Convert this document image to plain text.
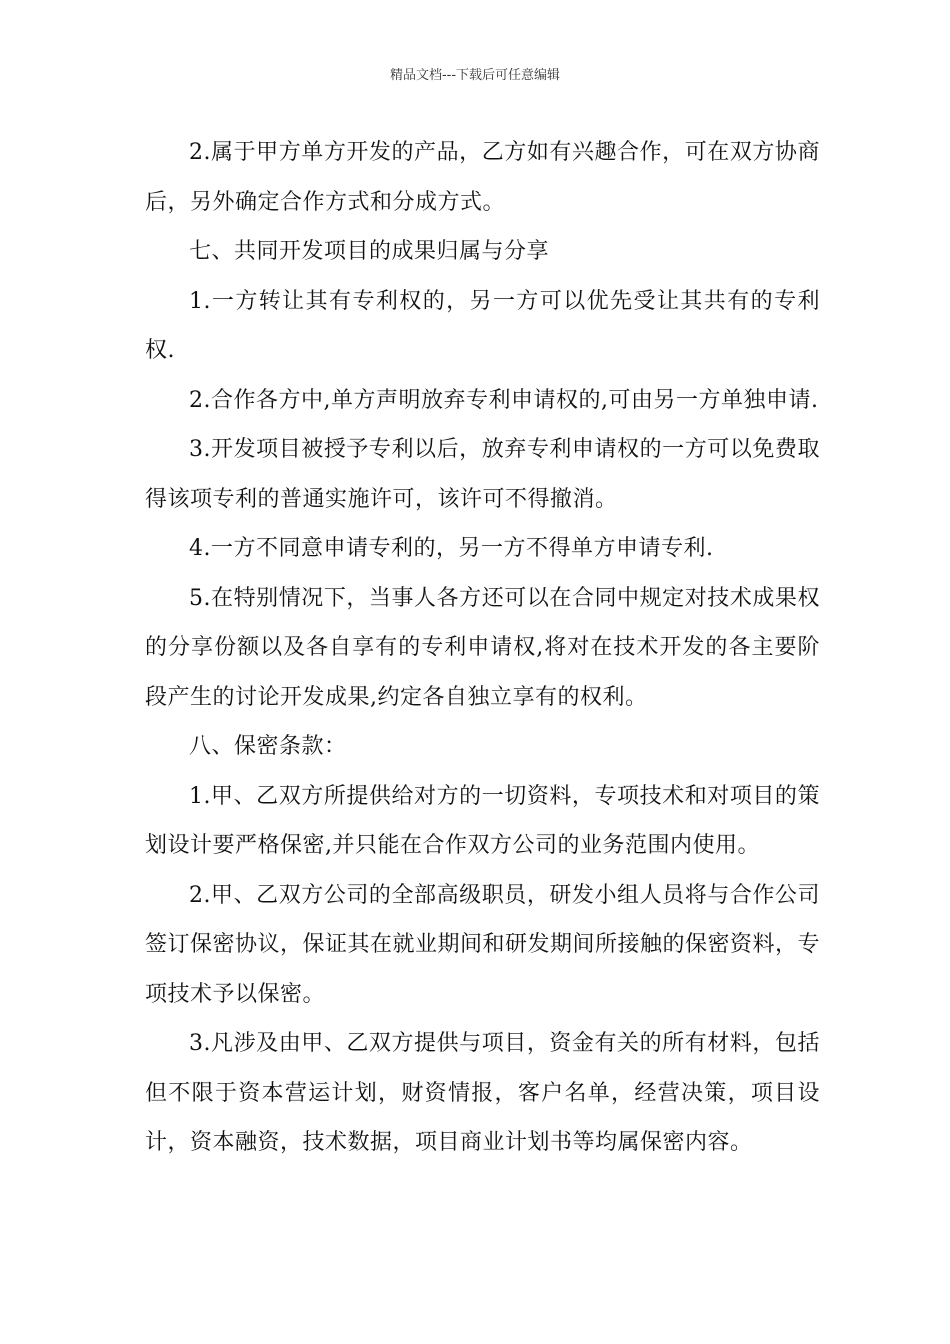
精品文档---下载后可任意编辑

2.属于甲方单方开发的产品，乙方如有兴趣合作，可在双方协商后，另外确定合作方式和分成方式。

七、共同开发项目的成果归属与分享

1.一方转让其有专利权的，另一方可以优先受让其共有的专利权.

2.合作各方中,单方声明放弃专利申请权的,可由另一方单独申请.

3.开发项目被授予专利以后，放弃专利申请权的一方可以免费取得该项专利的普通实施许可，该许可不得撤消。

4.一方不同意申请专利的，另一方不得单方申请专利.

5.在特别情况下，当事人各方还可以在合同中规定对技术成果权的分享份额以及各自享有的专利申请权,将对在技术开发的各主要阶段产生的讨论开发成果,约定各自独立享有的权利。

八、保密条款：

1.甲、乙双方所提供给对方的一切资料，专项技术和对项目的策划设计要严格保密,并只能在合作双方公司的业务范围内使用。

2.甲、乙双方公司的全部高级职员，研发小组人员将与合作公司签订保密协议，保证其在就业期间和研发期间所接触的保密资料，专项技术予以保密。

3.凡涉及由甲、乙双方提供与项目，资金有关的所有材料，包括但不限于资本营运计划，财资情报，客户名单，经营决策，项目设计，资本融资，技术数据，项目商业计划书等均属保密内容。
